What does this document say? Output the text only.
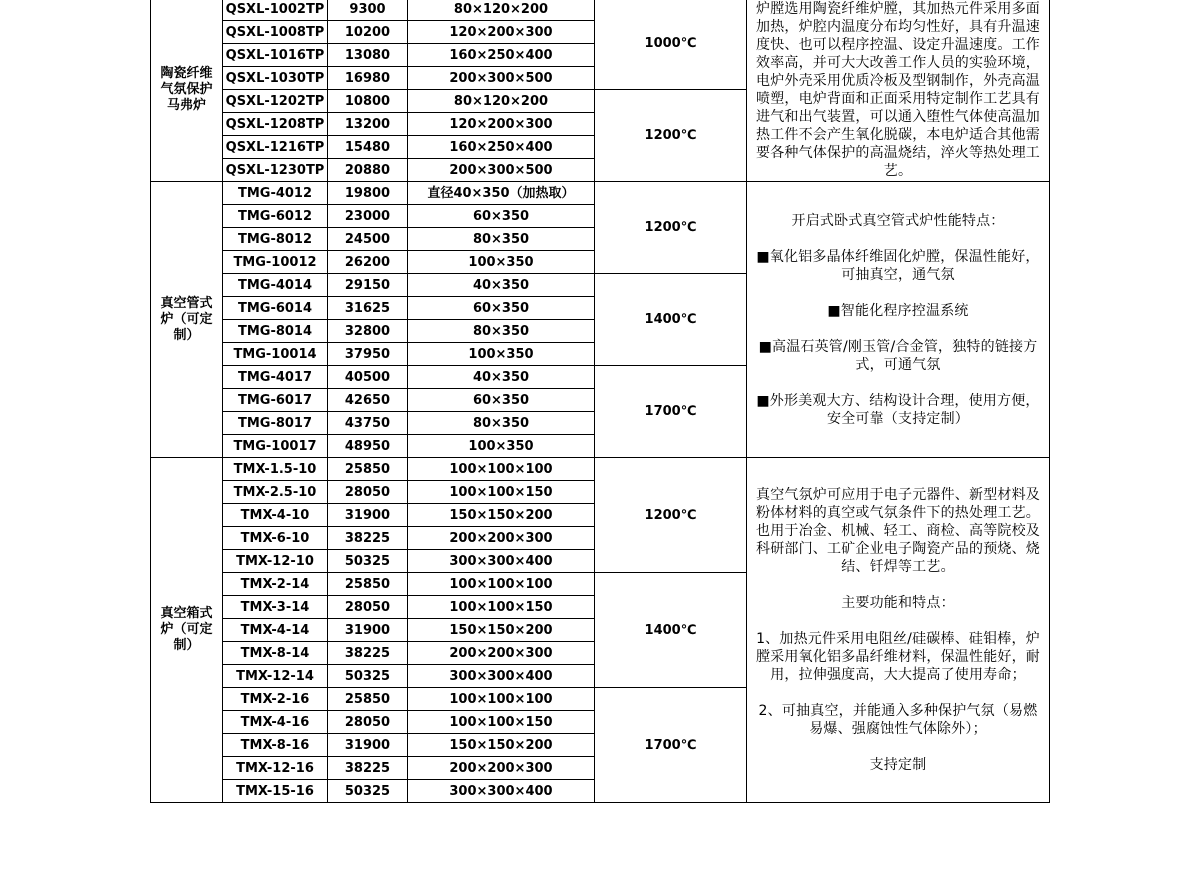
QSXL-1002TP	9300	80×120×200
QSXL-1008TP	10200	120×200×300
QSXL-1016TP	13080	160×250×400
QSXL-1030TP	16980	200×300×500
1000℃
QSXL-1202TP	10800	80×120×200
QSXL-1208TP	13200	120×200×300
QSXL-1216TP	15480	160×250×400
QSXL-1230TP	20880	200×300×500
1200℃
陶瓷纤维气氛保护马弗炉

炉膛选用陶瓷纤维炉膛，其加热元件采用多面加热，炉腔内温度分布均匀性好，具有升温速度快、也可以程序控温、设定升温速度。工作效率高，并可大大改善工作人员的实验环境，电炉外壳采用优质冷板及型钢制作，外壳高温喷塑，电炉背面和正面采用特定制作工艺具有进气和出气装置，可以通入堕性气体使高温加热工件不会产生氧化脱碳，本电炉适合其他需要各种气体保护的高温烧结，淬火等热处理工艺。

TMG-4012	19800	直径40×350（加热取）
TMG-6012	23000	60×350
TMG-8012	24500	80×350
TMG-10012	26200	100×350
1200℃
TMG-4014	29150	40×350
TMG-6014	31625	60×350
TMG-8014	32800	80×350
TMG-10014	37950	100×350
1400℃
TMG-4017	40500	40×350
TMG-6017	42650	60×350
TMG-8017	43750	80×350
TMG-10017	48950	100×350
1700℃
真空管式炉（可定制）

开启式卧式真空管式炉性能特点：

■氧化铝多晶体纤维固化炉膛，保温性能好，可抽真空，通气氛

■智能化程序控温系统

■高温石英管/刚玉管/合金管，独特的链接方式，可通气氛

■外形美观大方、结构设计合理，使用方便，安全可靠（支持定制）

TMX-1.5-10	25850	100×100×100
TMX-2.5-10	28050	100×100×150
TMX-4-10	31900	150×150×200
TMX-6-10	38225	200×200×300
TMX-12-10	50325	300×300×400
1200℃
TMX-2-14	25850	100×100×100
TMX-3-14	28050	100×100×150
TMX-4-14	31900	150×150×200
TMX-8-14	38225	200×200×300
TMX-12-14	50325	300×300×400
1400℃
TMX-2-16	25850	100×100×100
TMX-4-16	28050	100×100×150
TMX-8-16	31900	150×150×200
TMX-12-16	38225	200×200×300
TMX-15-16	50325	300×300×400
1700℃
真空箱式炉（可定制）

真空气氛炉可应用于电子元器件、新型材料及粉体材料的真空或气氛条件下的热处理工艺。也用于冶金、机械、轻工、商检、高等院校及科研部门、工矿企业电子陶瓷产品的预烧、烧结、钎焊等工艺。

主要功能和特点：

1、加热元件采用电阻丝/硅碳棒、硅钼棒，炉膛采用氧化铝多晶纤维材料，保温性能好，耐用，拉伸强度高，大大提高了使用寿命；

2、可抽真空，并能通入多种保护气氛（易燃易爆、强腐蚀性气体除外）；

支持定制
